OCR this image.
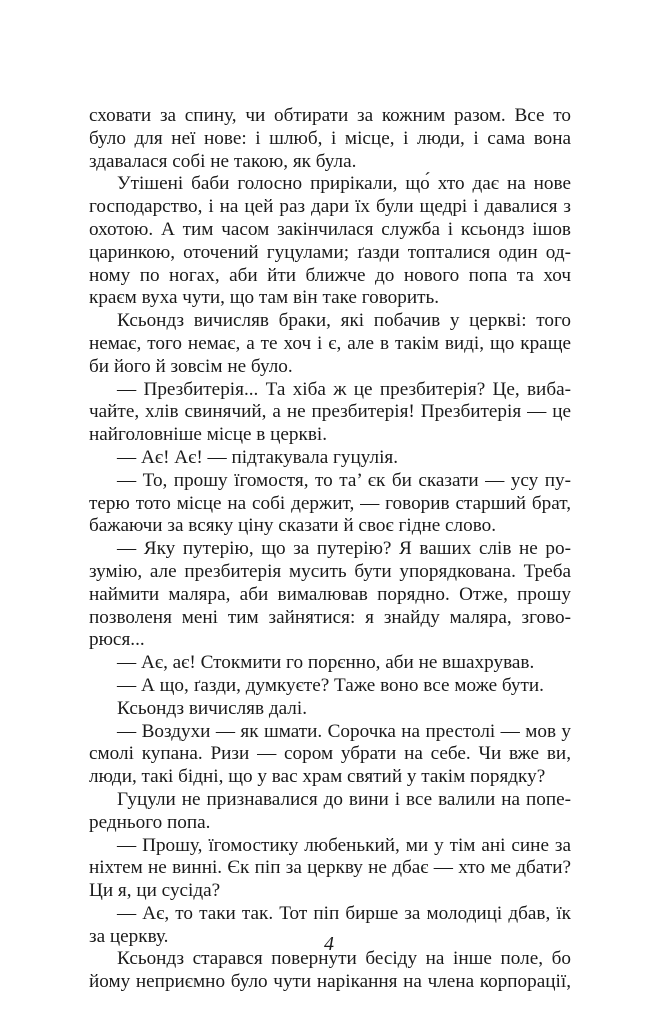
сховати за спину, чи обтирати за кожним разом. Все то
було для неї нове: і шлюб, і місце, і люди, і сама вона
здавалася собі не такою, як була.
Утішені баби голосно прирікали, що́ хто дає на нове
господарство, і на цей раз дари їх були щедрі і давалися з
охотою. А тим часом закінчилася служба і ксьондз ішов
царинкою, оточений гуцулами; ґазди топталися один од-
ному по ногах, аби йти ближче до нового попа та хоч
краєм вуха чути, що там він таке говорить.
Ксьондз вичисляв браки, які побачив у церкві: того
немає, того немає, а те хоч і є, але в такім виді, що краще
би його й зовсім не було.
— Презбитерія... Та хіба ж це презбитерія? Це, виба-
чайте, хлів свинячий, а не презбитерія! Презбитерія — це
найголовніше місце в церкві.
— Ає! Ає! — підтакувала гуцулія.
— То, прошу їгомостя, то та’ єк би сказати — усу пу-
терю тото місце на собі держит, — говорив старший брат,
бажаючи за всяку ціну сказати й своє гідне слово.
— Яку путерію, що за путерію? Я ваших слів не ро-
зумію, але презбитерія мусить бути упорядкована. Треба
наймити маляра, аби вималював порядно. Отже, прошу
позволеня мені тим зайнятися: я знайду маляра, згово-
рюся...
— Ає, ає! Стокмити го порєнно, аби не вшахрував.
— А що, ґазди, думкуєте? Таже воно все може бути.
Ксьондз вичисляв далі.
— Воздухи — як шмати. Сорочка на престолі — мов у
смолі купана. Ризи — сором убрати на себе. Чи вже ви,
люди, такі бідні, що у вас храм святий у такім порядку?
Гуцули не признавалися до вини і все валили на попе-
реднього попа.
— Прошу, їгомостику любенький, ми у тім ані сине за
ніхтем не винні. Єк піп за церкву не дбає — хто ме дбати?
Ци я, ци сусіда?
— Ає, то таки так. Тот піп бирше за молодиці дбав, їк
за церкву.
Ксьондз старався повернути бесіду на інше поле, бо
йому неприємно було чути нарікання на члена корпорації,
4
